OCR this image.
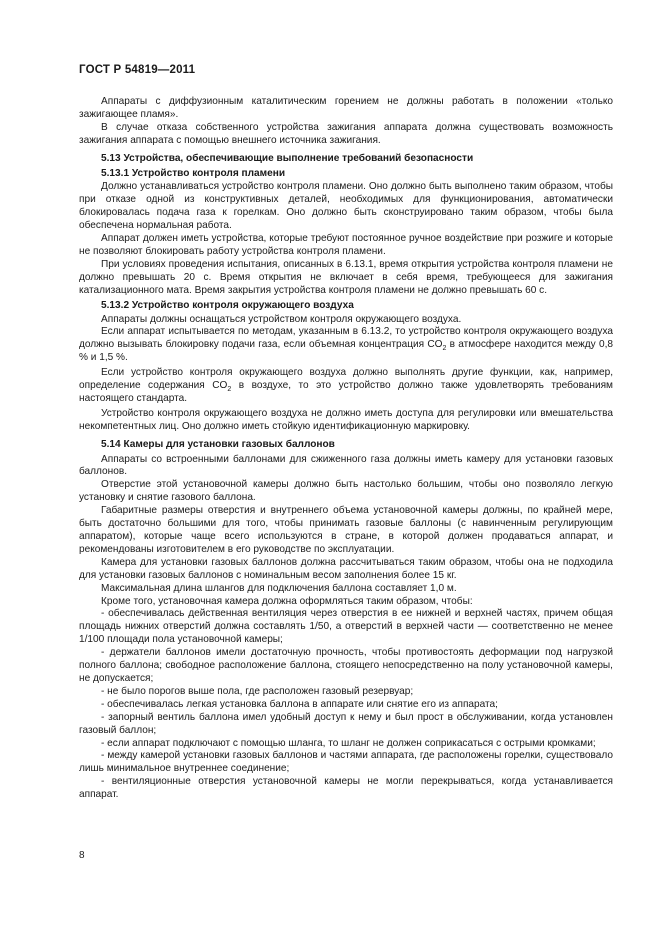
ГОСТ Р 54819—2011

Аппараты с диффузионным каталитическим горением не должны работать в положении «только зажигающее пламя».

В случае отказа собственного устройства зажигания аппарата должна существовать возможность зажигания аппарата с помощью внешнего источника зажигания.

5.13 Устройства, обеспечивающие выполнение требований безопасности
5.13.1 Устройство контроля пламени

Должно устанавливаться устройство контроля пламени. Оно должно быть выполнено таким образом, чтобы при отказе одной из конструктивных деталей, необходимых для функционирования, автоматически блокировалась подача газа к горелкам. Оно должно быть сконструировано таким образом, чтобы была обеспечена нормальная работа.

Аппарат должен иметь устройства, которые требуют постоянное ручное воздействие при розжиге и которые не позволяют блокировать работу устройства контроля пламени.

При условиях проведения испытания, описанных в 6.13.1, время открытия устройства контроля пламени не должно превышать 20 с. Время открытия не включает в себя время, требующееся для зажигания катализационного мата. Время закрытия устройства контроля пламени не должно превышать 60 с.

5.13.2 Устройство контроля окружающего воздуха

Аппараты должны оснащаться устройством контроля окружающего воздуха.

Если аппарат испытывается по методам, указанным в 6.13.2, то устройство контроля окружающего воздуха должно вызывать блокировку подачи газа, если объемная концентрация $CO_2$ в атмосфере находится между 0,8 % и 1,5 %.

Если устройство контроля окружающего воздуха должно выполнять другие функции, как, например, определение содержания $CO_2$ в воздухе, то это устройство должно также удовлетворять требованиям настоящего стандарта.

Устройство контроля окружающего воздуха не должно иметь доступа для регулировки или вмешательства некомпетентных лиц. Оно должно иметь стойкую идентификационную маркировку.

5.14 Камеры для установки газовых баллонов

Аппараты со встроенными баллонами для сжиженного газа должны иметь камеру для установки газовых баллонов.

Отверстие этой установочной камеры должно быть настолько большим, чтобы оно позволяло легкую установку и снятие газового баллона.

Габаритные размеры отверстия и внутреннего объема установочной камеры должны, по крайней мере, быть достаточно большими для того, чтобы принимать газовые баллоны (с навинченным регулирующим аппаратом), которые чаще всего используются в стране, в которой должен продаваться аппарат, и рекомендованы изготовителем в его руководстве по эксплуатации.

Камера для установки газовых баллонов должна рассчитываться таким образом, чтобы она не подходила для установки газовых баллонов с номинальным весом заполнения более 15 кг.

Максимальная длина шлангов для подключения баллона составляет 1,0 м.

Кроме того, установочная камера должна оформляться таким образом, чтобы:

- обеспечивалась действенная вентиляция через отверстия в ее нижней и верхней частях, причем общая площадь нижних отверстий должна составлять 1/50, а отверстий в верхней части — соответственно не менее 1/100 площади пола установочной камеры;

- держатели баллонов имели достаточную прочность, чтобы противостоять деформации под нагрузкой полного баллона; свободное расположение баллона, стоящего непосредственно на полу установочной камеры, не допускается;

- не было порогов выше пола, где расположен газовый резервуар;

- обеспечивалась легкая установка баллона в аппарате или снятие его из аппарата;

- запорный вентиль баллона имел удобный доступ к нему и был прост в обслуживании, когда установлен газовый баллон;

- если аппарат подключают с помощью шланга, то шланг не должен соприкасаться с острыми кромками;

- между камерой установки газовых баллонов и частями аппарата, где расположены горелки, существовало лишь минимальное внутреннее соединение;

- вентиляционные отверстия установочной камеры не могли перекрываться, когда устанавливается аппарат.

8
